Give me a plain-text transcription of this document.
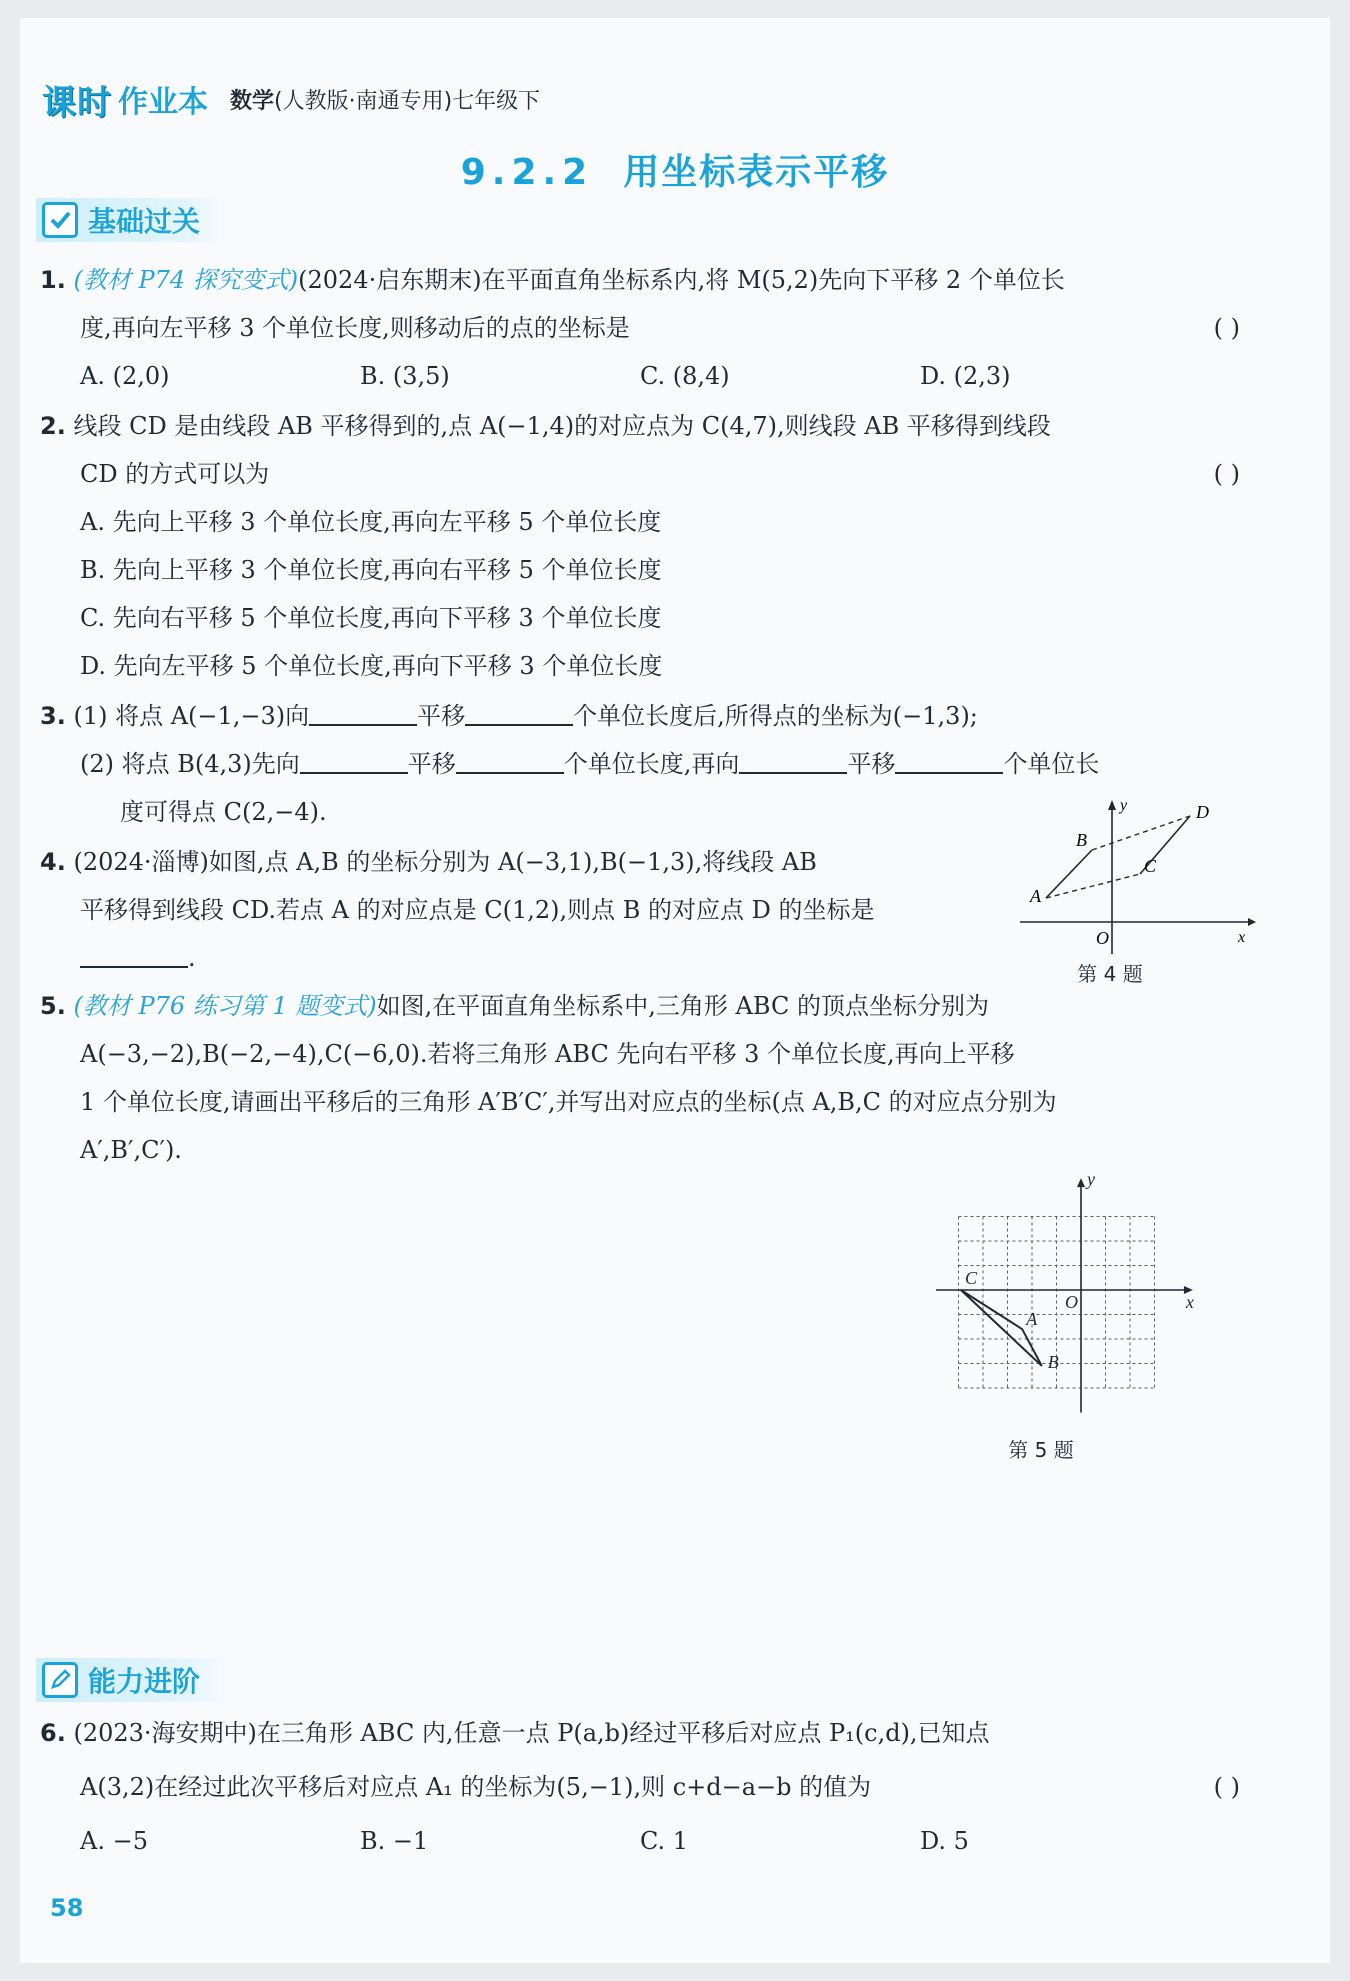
课时 作业本 数学(人教版·南通专用)七年级下
9.2.2 用坐标表示平移
基础过关
1. (教材 P74 探究变式)(2024·启东期末)在平面直角坐标系内,将 M(5,2)先向下平移 2 个单位长
度,再向左平移 3 个单位长度,则移动后的点的坐标是	( )
A. (2,0)	B. (3,5)	C. (8,4)	D. (2,3)
2. 线段 CD 是由线段 AB 平移得到的,点 A(−1,4)的对应点为 C(4,7),则线段 AB 平移得到线段
CD 的方式可以为	( )
A. 先向上平移 3 个单位长度,再向左平移 5 个单位长度
B. 先向上平移 3 个单位长度,再向右平移 5 个单位长度
C. 先向右平移 5 个单位长度,再向下平移 3 个单位长度
D. 先向左平移 5 个单位长度,再向下平移 3 个单位长度
3. (1) 将点 A(−1,−3)向	平移	个单位长度后,所得点的坐标为(−1,3);
(2) 将点 B(4,3)先向	平移	个单位长度,再向	平移	个单位长
度可得点 C(2,−4).
4. (2024·淄博)如图,点 A,B 的坐标分别为 A(−3,1),B(−1,3),将线段 AB
平移得到线段 CD.若点 A 的对应点是 C(1,2),则点 B 的对应点 D 的坐标是
.
A
B
C
D
O	x
y
第 4 题
5. (教材 P76 练习第 1 题变式)如图,在平面直角坐标系中,三角形 ABC 的顶点坐标分别为
A(−3,−2),B(−2,−4),C(−6,0).若将三角形 ABC 先向右平移 3 个单位长度,再向上平移
1 个单位长度,请画出平移后的三角形 A′B′C′,并写出对应点的坐标(点 A,B,C 的对应点分别为
A′,B′,C′).
A
B
C
O	x
y
第 5 题
能力进阶
6. (2023·海安期中)在三角形 ABC 内,任意一点 P(a,b)经过平移后对应点 P₁(c,d),已知点
A(3,2)在经过此次平移后对应点 A₁ 的坐标为(5,−1),则 c+d−a−b 的值为	( )
A. −5	B. −1	C. 1	D. 5
58
